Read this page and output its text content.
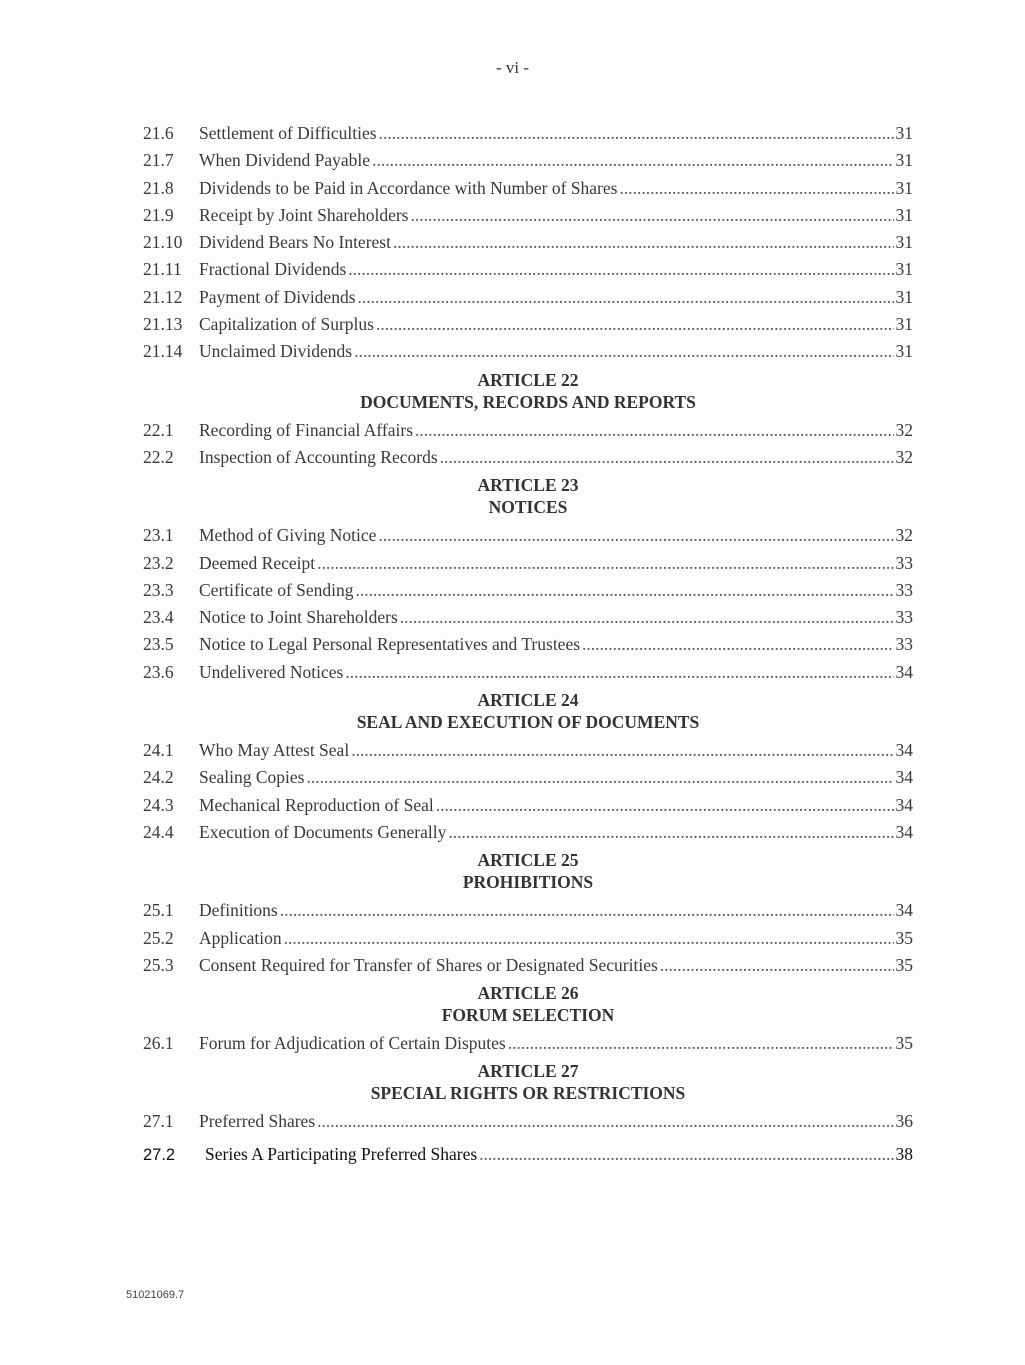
- vi -
21.6	Settlement of Difficulties .....	31
21.7	When Dividend Payable .....	31
21.8	Dividends to be Paid in Accordance with Number of Shares .....	31
21.9	Receipt by Joint Shareholders .....	31
21.10 Dividend Bears No Interest .....	31
21.11 Fractional Dividends .....	31
21.12 Payment of Dividends .....	31
21.13 Capitalization of Surplus .....	31
21.14 Unclaimed Dividends .....	31
ARTICLE 22
DOCUMENTS, RECORDS AND REPORTS
22.1	Recording of Financial Affairs .....	32
22.2	Inspection of Accounting Records .....	32
ARTICLE 23
NOTICES
23.1	Method of Giving Notice .....	32
23.2	Deemed Receipt .....	33
23.3	Certificate of Sending .....	33
23.4	Notice to Joint Shareholders .....	33
23.5	Notice to Legal Personal Representatives and Trustees .....	33
23.6	Undelivered Notices .....	34
ARTICLE 24
SEAL AND EXECUTION OF DOCUMENTS
24.1	Who May Attest Seal .....	34
24.2	Sealing Copies .....	34
24.3	Mechanical Reproduction of Seal .....	34
24.4	Execution of Documents Generally .....	34
ARTICLE 25
PROHIBITIONS
25.1	Definitions .....	34
25.2	Application .....	35
25.3	Consent Required for Transfer of Shares or Designated Securities .....	35
ARTICLE 26
FORUM SELECTION
26.1	Forum for Adjudication of Certain Disputes .....	35
ARTICLE 27
SPECIAL RIGHTS OR RESTRICTIONS
27.1	Preferred Shares .....	36
27.2	Series A Participating Preferred Shares .....	38
51021069.7
